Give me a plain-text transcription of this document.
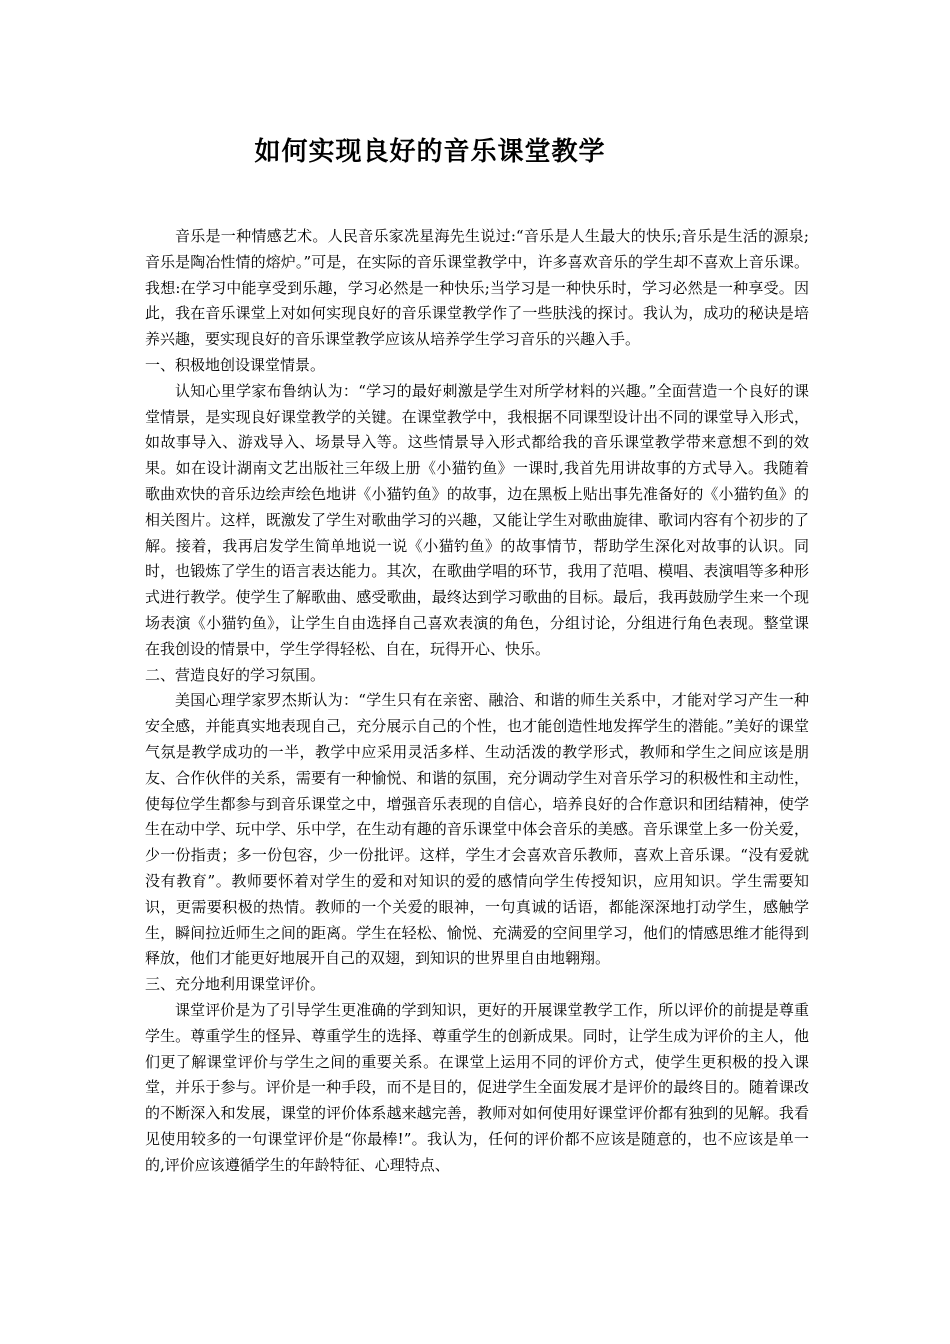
如何实现良好的音乐课堂教学

音乐是一种情感艺术。人民音乐家冼星海先生说过:“音乐是人生最大的快乐;音乐是生活的源泉;音乐是陶冶性情的熔炉。”可是，在实际的音乐课堂教学中，许多喜欢音乐的学生却不喜欢上音乐课。我想:在学习中能享受到乐趣，学习必然是一种快乐;当学习是一种快乐时，学习必然是一种享受。因此，我在音乐课堂上对如何实现良好的音乐课堂教学作了一些肤浅的探讨。我认为，成功的秘诀是培养兴趣，要实现良好的音乐课堂教学应该从培养学生学习音乐的兴趣入手。

一、积极地创设课堂情景。

认知心里学家布鲁纳认为：“学习的最好刺激是学生对所学材料的兴趣。”全面营造一个良好的课堂情景，是实现良好课堂教学的关键。在课堂教学中，我根据不同课型设计出不同的课堂导入形式，如故事导入、游戏导入、场景导入等。这些情景导入形式都给我的音乐课堂教学带来意想不到的效果。如在设计湖南文艺出版社三年级上册《小猫钓鱼》一课时,我首先用讲故事的方式导入。我随着歌曲欢快的音乐边绘声绘色地讲《小猫钓鱼》的故事，边在黑板上贴出事先准备好的《小猫钓鱼》的相关图片。这样，既激发了学生对歌曲学习的兴趣，又能让学生对歌曲旋律、歌词内容有个初步的了解。接着，我再启发学生简单地说一说《小猫钓鱼》的故事情节，帮助学生深化对故事的认识。同时，也锻炼了学生的语言表达能力。其次，在歌曲学唱的环节，我用了范唱、模唱、表演唱等多种形式进行教学。使学生了解歌曲、感受歌曲，最终达到学习歌曲的目标。最后，我再鼓励学生来一个现场表演《小猫钓鱼》，让学生自由选择自己喜欢表演的角色，分组讨论，分组进行角色表现。整堂课在我创设的情景中，学生学得轻松、自在，玩得开心、快乐。

二、营造良好的学习氛围。

美国心理学家罗杰斯认为：“学生只有在亲密、融洽、和谐的师生关系中，才能对学习产生一种安全感，并能真实地表现自己，充分展示自己的个性，也才能创造性地发挥学生的潜能。”美好的课堂气氛是教学成功的一半，教学中应采用灵活多样、生动活泼的教学形式，教师和学生之间应该是朋友、合作伙伴的关系，需要有一种愉悦、和谐的氛围，充分调动学生对音乐学习的积极性和主动性，使每位学生都参与到音乐课堂之中，增强音乐表现的自信心，培养良好的合作意识和团结精神，使学生在动中学、玩中学、乐中学，在生动有趣的音乐课堂中体会音乐的美感。音乐课堂上多一份关爱，少一份指责；多一份包容，少一份批评。这样，学生才会喜欢音乐教师，喜欢上音乐课。“没有爱就没有教育”。教师要怀着对学生的爱和对知识的爱的感情向学生传授知识，应用知识。学生需要知识，更需要积极的热情。教师的一个关爱的眼神，一句真诚的话语，都能深深地打动学生，感触学生，瞬间拉近师生之间的距离。学生在轻松、愉悦、充满爱的空间里学习，他们的情感思维才能得到释放，他们才能更好地展开自己的双翅，到知识的世界里自由地翱翔。

三、充分地利用课堂评价。

课堂评价是为了引导学生更准确的学到知识，更好的开展课堂教学工作，所以评价的前提是尊重学生。尊重学生的怪异、尊重学生的选择、尊重学生的创新成果。同时，让学生成为评价的主人，他们更了解课堂评价与学生之间的重要关系。在课堂上运用不同的评价方式，使学生更积极的投入课堂，并乐于参与。评价是一种手段，而不是目的，促进学生全面发展才是评价的最终目的。随着课改的不断深入和发展，课堂的评价体系越来越完善，教师对如何使用好课堂评价都有独到的见解。我看见使用较多的一句课堂评价是“你最棒!”。我认为，任何的评价都不应该是随意的，也不应该是单一的,评价应该遵循学生的年龄特征、心理特点、
